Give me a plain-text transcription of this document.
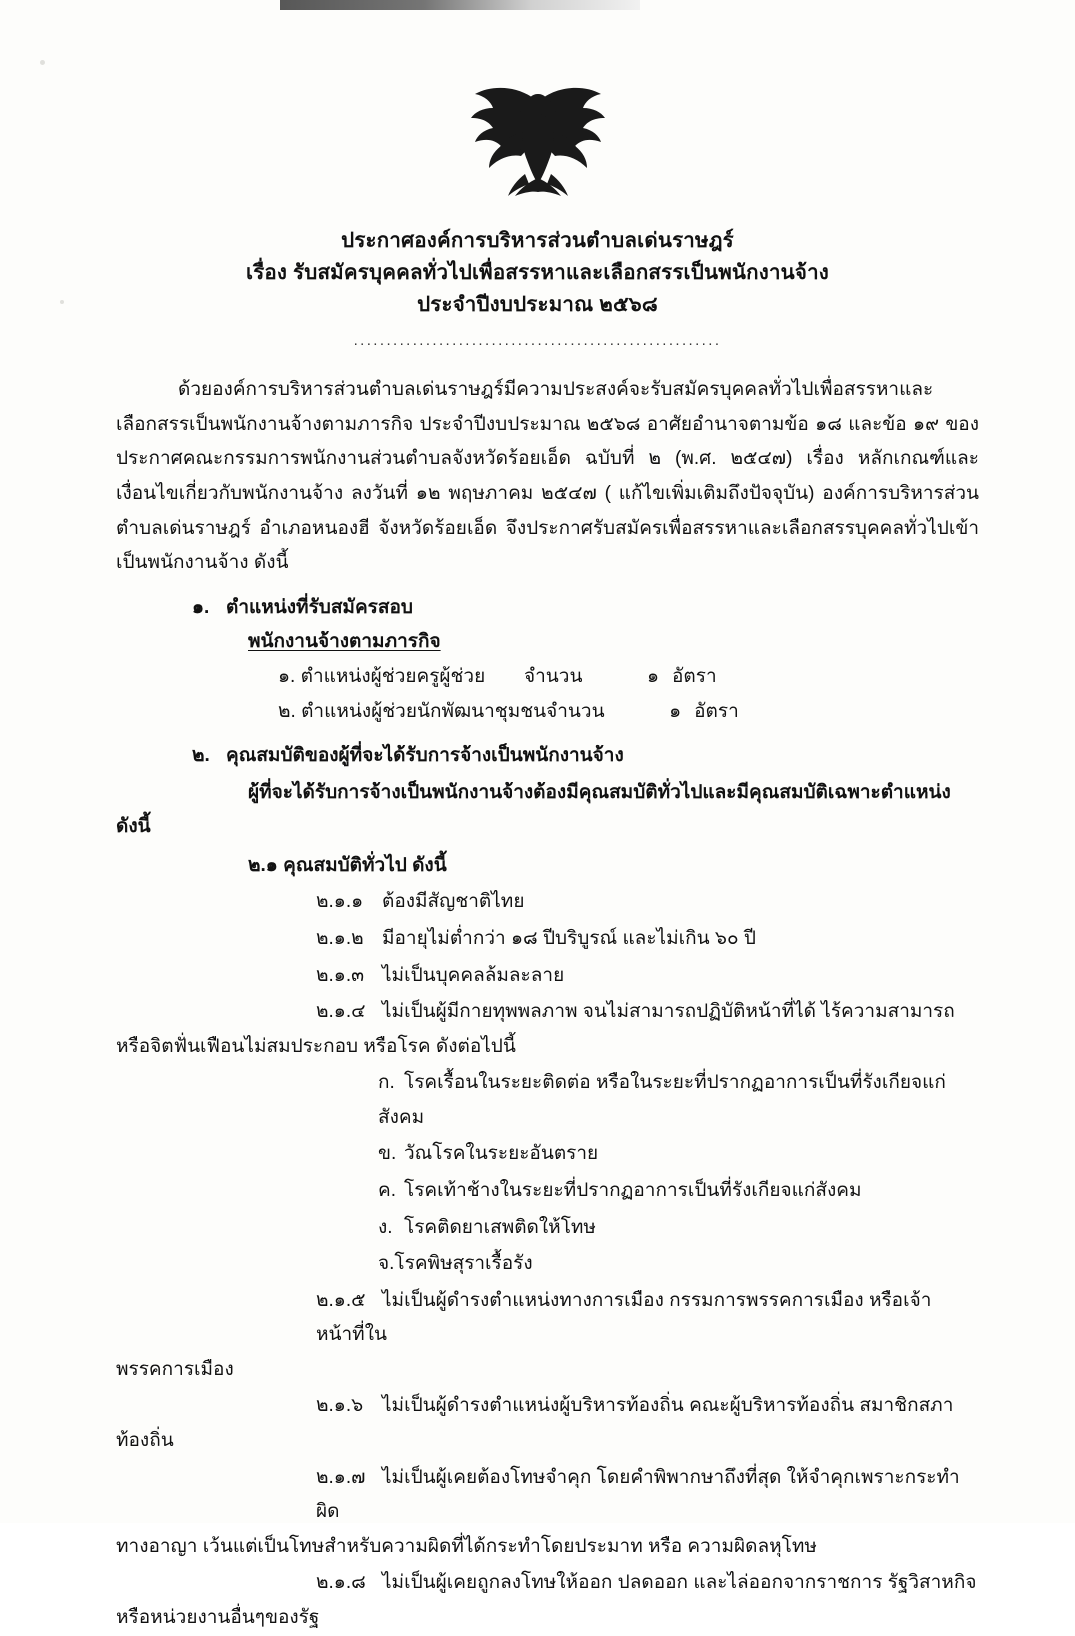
ประกาศองค์การบริหารส่วนตำบลเด่นราษฎร์
เรื่อง รับสมัครบุคคลทั่วไปเพื่อสรรหาและเลือกสรรเป็นพนักงานจ้าง
ประจำปีงบประมาณ ๒๕๖๘
........................................................
ด้วยองค์การบริหารส่วนตำบลเด่นราษฎร์มีความประสงค์จะรับสมัครบุคคลทั่วไปเพื่อสรรหาและเลือกสรรเป็นพนักงานจ้างตามภารกิจ ประจำปีงบประมาณ ๒๕๖๘ อาศัยอำนาจตามข้อ ๑๘ และข้อ ๑๙ ของประกาศคณะกรรมการพนักงานส่วนตำบลจังหวัดร้อยเอ็ด ฉบับที่ ๒ (พ.ศ. ๒๕๔๗) เรื่อง หลักเกณฑ์และเงื่อนไขเกี่ยวกับพนักงานจ้าง ลงวันที่ ๑๒ พฤษภาคม ๒๕๔๗ ( แก้ไขเพิ่มเติมถึงปัจจุบัน) องค์การบริหารส่วนตำบลเด่นราษฎร์ อำเภอหนองฮี จังหวัดร้อยเอ็ด จึงประกาศรับสมัครเพื่อสรรหาและเลือกสรรบุคคลทั่วไปเข้าเป็นพนักงานจ้าง ดังนี้
๑. ตำแหน่งที่รับสมัครสอบ
พนักงานจ้างตามภารกิจ
๑. ตำแหน่งผู้ช่วยครูผู้ช่วย จำนวน	๑ อัตรา
๒. ตำแหน่งผู้ช่วยนักพัฒนาชุมชนจำนวน	๑ อัตรา
๒. คุณสมบัติของผู้ที่จะได้รับการจ้างเป็นพนักงานจ้าง
ผู้ที่จะได้รับการจ้างเป็นพนักงานจ้างต้องมีคุณสมบัติทั่วไปและมีคุณสมบัติเฉพาะตำแหน่ง
ดังนี้
๒.๑ คุณสมบัติทั่วไป ดังนี้
๒.๑.๑ ต้องมีสัญชาติไทย
๒.๑.๒ มีอายุไม่ต่ำกว่า ๑๘ ปีบริบูรณ์ และไม่เกิน ๖๐ ปี
๒.๑.๓ ไม่เป็นบุคคลล้มละลาย
๒.๑.๔ ไม่เป็นผู้มีกายทุพพลภาพ จนไม่สามารถปฏิบัติหน้าที่ได้ ไร้ความสามารถ
หรือจิตฟั่นเฟือนไม่สมประกอบ หรือโรค ดังต่อไปนี้
ก. โรคเรื้อนในระยะติดต่อ หรือในระยะที่ปรากฏอาการเป็นที่รังเกียจแก่สังคม
ข. วัณโรคในระยะอันตราย
ค. โรคเท้าช้างในระยะที่ปรากฏอาการเป็นที่รังเกียจแก่สังคม
ง. โรคติดยาเสพติดให้โทษ
จ.โรคพิษสุราเรื้อรัง
๒.๑.๕ ไม่เป็นผู้ดำรงตำแหน่งทางการเมือง กรรมการพรรคการเมือง หรือเจ้าหน้าที่ใน
พรรคการเมือง
๒.๑.๖ ไม่เป็นผู้ดำรงตำแหน่งผู้บริหารท้องถิ่น คณะผู้บริหารท้องถิ่น สมาชิกสภา
ท้องถิ่น
๒.๑.๗ ไม่เป็นผู้เคยต้องโทษจำคุก โดยคำพิพากษาถึงที่สุด ให้จำคุกเพราะกระทำผิด
ทางอาญา เว้นแต่เป็นโทษสำหรับความผิดที่ได้กระทำโดยประมาท หรือ ความผิดลหุโทษ
๒.๑.๘ ไม่เป็นผู้เคยถูกลงโทษให้ออก ปลดออก และไล่ออกจากราชการ รัฐวิสาหกิจ
หรือหน่วยงานอื่นๆของรัฐ
